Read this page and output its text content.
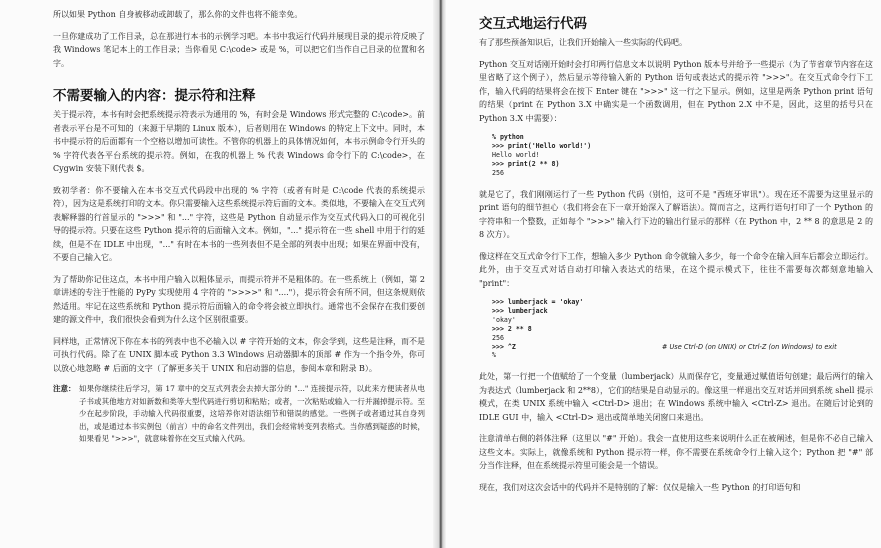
所以如果 Python 自身被移动或卸载了，那么你的文件也将不能幸免。

一旦你建成功了工作目录，总在那进行本书的示例学习吧。本书中我运行代码并展现目录的提示符反映了我 Windows 笔记本上的工作目录；当你看见 C:\code> 或是 %，可以把它们当作自己目录的位置和名字。

不需要输入的内容：提示符和注释

关于提示符，本书有时会把系统提示符表示为通用的 %，有时会是 Windows 形式完整的 C:\code>。前者表示平台是不可知的（来源于早期的 Linux 版本），后者则用在 Windows 的特定上下文中。同时，本书中提示符的后面都有一个空格以增加可读性。不管你的机器上的具体情况如何，本书示例命令行开头的 % 字符代表各平台系统的提示符。例如，在我的机器上 % 代表 Windows 命令行下的 C:\code>，在 Cygwin 安装下则代表 $。

致初学者：你不要输入在本书交互式代码段中出现的 % 字符（或者有时是 C:\code 代表的系统提示符），因为这是系统打印的文本。你只需要输入这些系统提示符后面的文本。类似地，不要输入在交互式列表解释器的行首显示的 ">>>" 和 "..." 字符，这些是 Python 自动显示作为交互式代码入口的可视化引导的提示符。只要在这些 Python 提示符的后面输入文本。例如，"..." 提示符在一些 shell 中用于行的延续，但是不在 IDLE 中出现，"..." 有时在本书的一些列表但不是全部的列表中出现；如果在界面中没有，不要自己输入它。

为了帮助你记住这点，本书中用户输入以粗体显示，而提示符并不是粗体的。在一些系统上（例如，第 2 章讲述的专注于性能的 PyPy 实现使用 4 字符的 ">>>>" 和 "...."），提示符会有所不同，但这条规则依然适用。牢记在这些系统和 Python 提示符后面输入的命令将会被立即执行。通常也不会保存在我们要创建的源文件中，我们很快会看到为什么这个区别很重要。

同样地，正常情况下你在本书的列表中也不必输入以 # 字符开始的文本，你会学到，这些是注释，而不是可执行代码。除了在 UNIX 脚本或 Python 3.3 Windows 启动器脚本的顶部 # 作为一个指令外，你可以放心地忽略 # 后面的文字（了解更多关于 UNIX 和启动器的信息，参阅本章和附录 B）。

注意： 如果你继续往后学习，第 17 章中的交互式列表会去掉大部分的 "..." 连接提示符，以此来方便读者从电子书或其他地方对如新数和类等大型代码进行剪切和粘贴；或者，一次粘贴或输入一行并漏掉提示符。至少在起步阶段，手动输入代码很重要，这培养你对语法细节和错误的感觉。一些例子或者通过其自身列出，或是通过本书实例包（前言）中的命名文件列出，我们会经常转变列表格式。当你感到疑惑的时候，如果看见 ">>>"，就意味着你在交互式输入代码。
交互式地运行代码

有了那些预备知识后，让我们开始输入一些实际的代码吧。

Python 交互对话刚开始时会打印两行信息文本以说明 Python 版本号并给予一些提示（为了节省章节内容在这里省略了这个例子），然后显示等待输入新的 Python 语句或表达式的提示符 ">>>"。在交互式命令行下工作，输入代码的结果将会在按下 Enter 键在 ">>>" 这一行之下显示。例如，这里是两条 Python print 语句的结果（print 在 Python 3.X 中确实是一个函数调用，但在 Python 2.X 中不是，因此，这里的括号只在 Python 3.X 中需要）：

% python
>>> print('Hello world!')
Hello world!
>>> print(2 ** 8)
256

就是它了，我们刚刚运行了一些 Python 代码（别怕，这可不是 "西班牙审讯"）。现在还不需要为这里显示的 print 语句的细节担心（我们将会在下一章开始深入了解语法）。简而言之，这两行语句打印了一个 Python 的字符串和一个整数，正如每个 ">>>" 输入行下边的输出行显示的那样（在 Python 中，2 ** 8 的意思是 2 的 8 次方）。

像这样在交互式命令行下工作，想输入多少 Python 命令就输入多少，每一个命令在输入回车后都会立即运行。此外，由于交互式对话自动打印输入表达式的结果，在这个提示模式下，往往不需要每次都刻意地输入 "print"：

>>> lumberjack = 'okay'
>>> lumberjack
'okay'
>>> 2 ** 8
256
>>> ^Z	# Use Ctrl-D (on UNIX) or Ctrl-Z (on Windows) to exit
%

此处，第一行把一个值赋给了一个变量（lumberjack）从而保存它，变量通过赋值语句创建；最后两行的输入为表达式（lumberjack 和 2**8），它们的结果是自动显示的。像这里一样退出交互对话并回到系统 shell 提示模式，在类 UNIX 系统中输入 <Ctrl-D> 退出；在 Windows 系统中输入 <Ctrl-Z> 退出。在随后讨论到的 IDLE GUI 中，输入 <Ctrl-D> 退出或简单地关闭窗口来退出。

注意清单右侧的斜体注释（这里以 "#" 开始）。我会一直使用这些来说明什么正在被阐述，但是你不必自己输入这些文本。实际上，就像系统和 Python 提示符一样，你不需要在系统命令行上输入这个；Python 把 "#" 部分当作注释，但在系统提示符里可能会是一个错误。

现在，我们对这次会话中的代码并不是特别的了解：仅仅是输入一些 Python 的打印语句和
